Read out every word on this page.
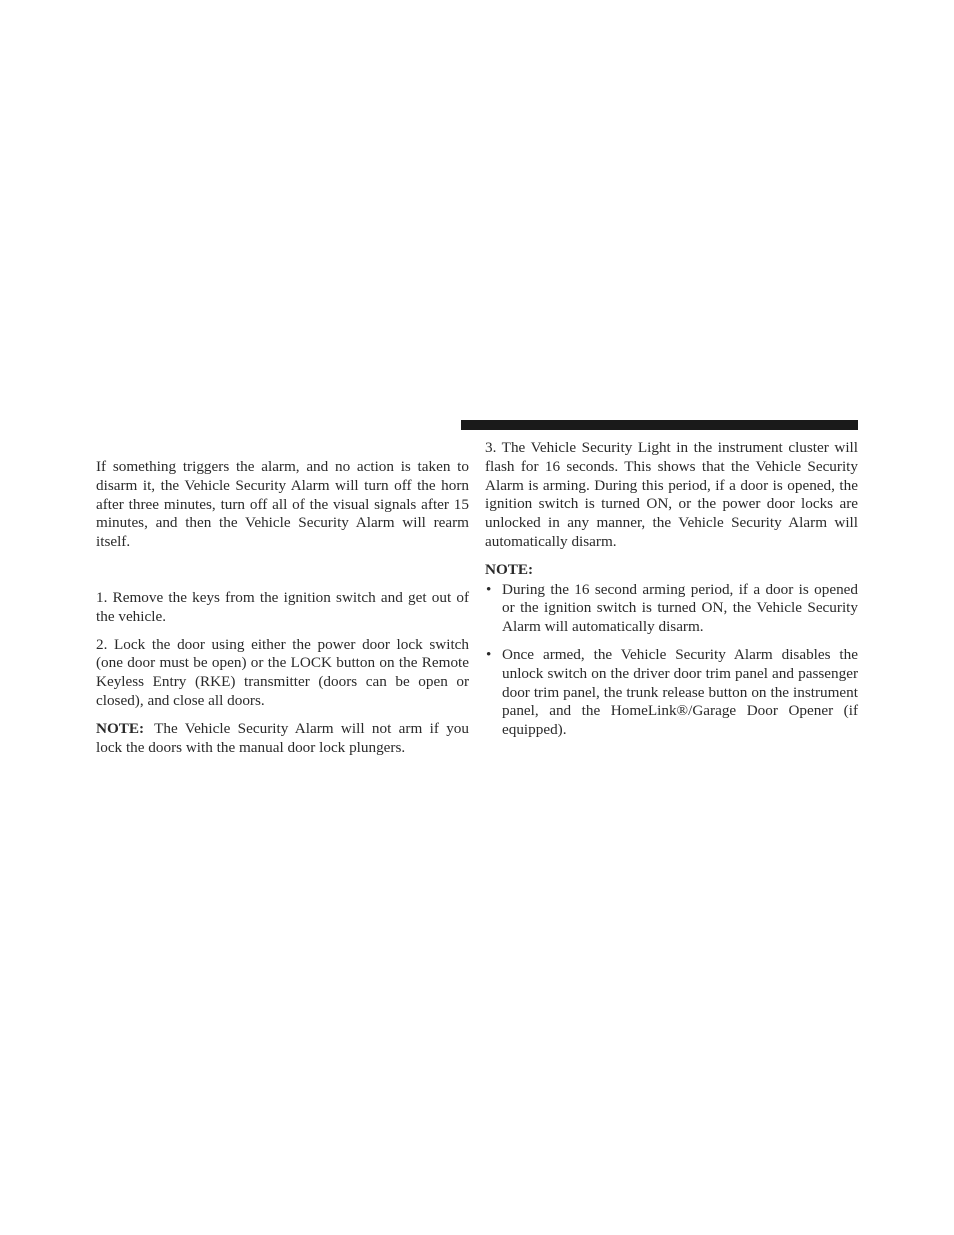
If something triggers the alarm, and no action is taken to disarm it, the Vehicle Security Alarm will turn off the horn after three minutes, turn off all of the visual signals after 15 minutes, and then the Vehicle Security Alarm will rearm itself.

1. Remove the keys from the ignition switch and get out of the vehicle.

2. Lock the door using either the power door lock switch (one door must be open) or the LOCK button on the Remote Keyless Entry (RKE) transmitter (doors can be open or closed), and close all doors.

NOTE: The Vehicle Security Alarm will not arm if you lock the doors with the manual door lock plungers.

3. The Vehicle Security Light in the instrument cluster will flash for 16 seconds. This shows that the Vehicle Security Alarm is arming. During this period, if a door is opened, the ignition switch is turned ON, or the power door locks are unlocked in any manner, the Vehicle Security Alarm will automatically disarm.

NOTE:

• During the 16 second arming period, if a door is opened or the ignition switch is turned ON, the Vehicle Security Alarm will automatically disarm.
• Once armed, the Vehicle Security Alarm disables the unlock switch on the driver door trim panel and passenger door trim panel, the trunk release button on the instrument panel, and the HomeLink®/Garage Door Opener (if equipped).
